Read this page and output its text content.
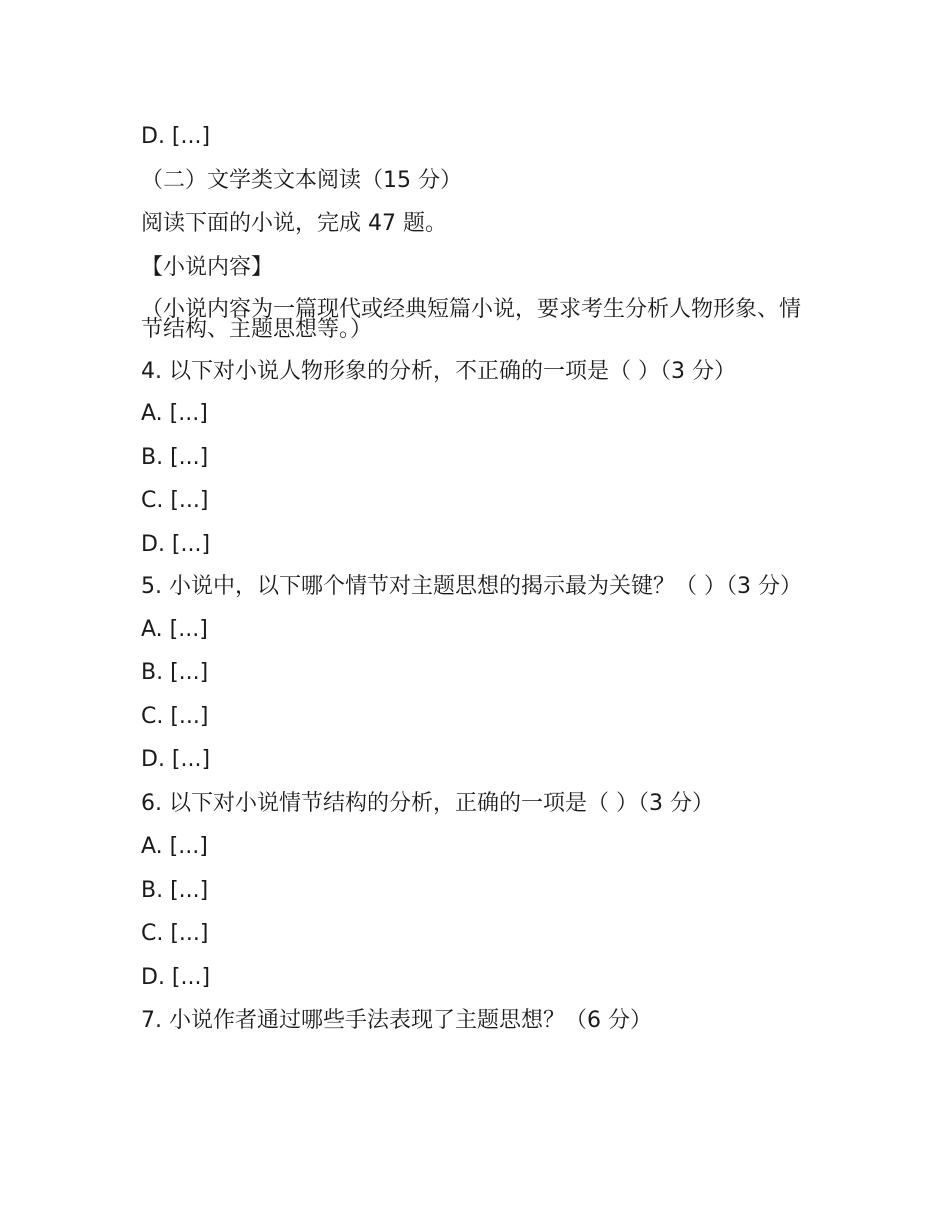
D. [...]

（二）文学类文本阅读（15 分）

阅读下面的小说，完成 47 题。

【小说内容】

（小说内容为一篇现代或经典短篇小说，要求考生分析人物形象、情节结构、主题思想等。）

4. 以下对小说人物形象的分析，不正确的一项是（ ）（3 分）

A. [...]

B. [...]

C. [...]

D. [...]

5. 小说中，以下哪个情节对主题思想的揭示最为关键？（ ）（3 分）

A. [...]

B. [...]

C. [...]

D. [...]

6. 以下对小说情节结构的分析，正确的一项是（ ）（3 分）

A. [...]

B. [...]

C. [...]

D. [...]

7. 小说作者通过哪些手法表现了主题思想？（6 分）
